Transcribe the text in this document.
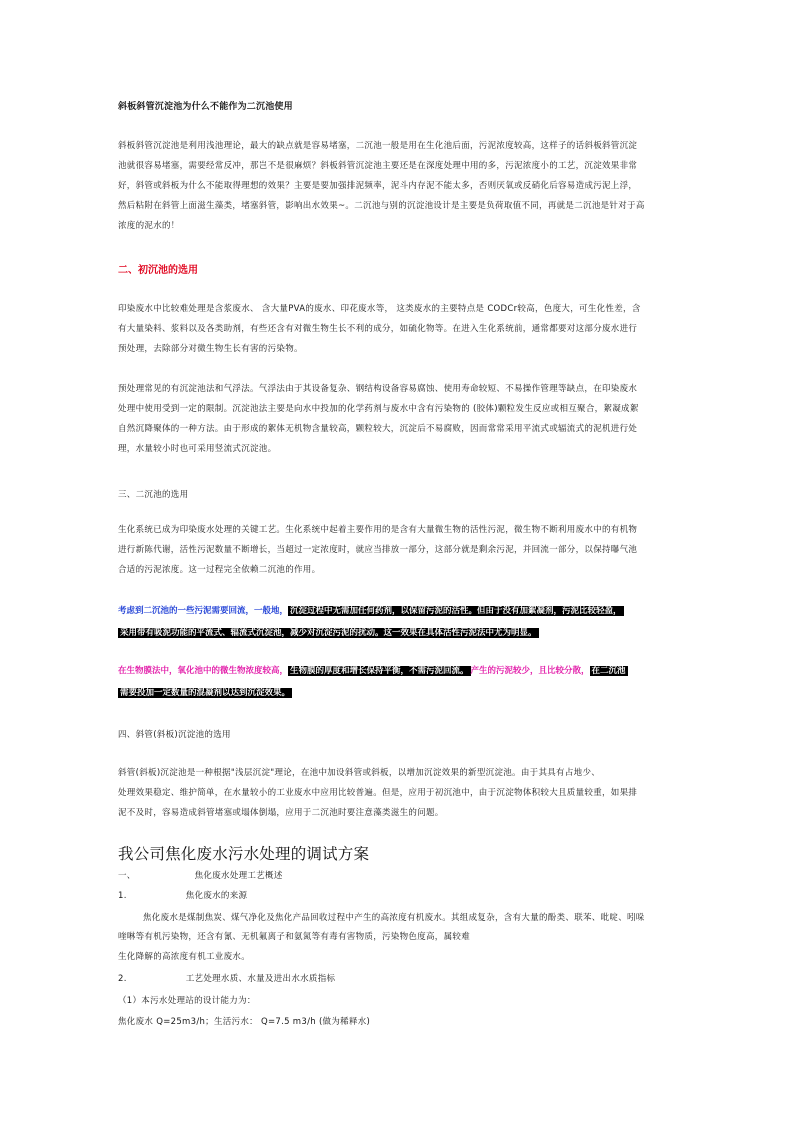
斜板斜管沉淀池为什么不能作为二沉池使用
斜板斜管沉淀池是利用浅池理论，最大的缺点就是容易堵塞，二沉池一般是用在生化池后面，污泥浓度较高，这样子的话斜板斜管沉淀
池就很容易堵塞，需要经常反冲，那岂不是很麻烦？斜板斜管沉淀池主要还是在深度处理中用的多，污泥浓度小的工艺，沉淀效果非常
好，斜管或斜板为什么不能取得理想的效果？主要是要加强排泥频率，泥斗内存泥不能太多，否则厌氧或反硝化后容易造成污泥上浮，
然后粘附在斜管上面滋生藻类，堵塞斜管，影响出水效果~。二沉池与别的沉淀池设计是主要是负荷取值不同，再就是二沉池是针对于高
浓度的泥水的！
二、初沉池的选用
印染废水中比较难处理是含浆废水、 含大量PVA的废水、印花废水等， 这类废水的主要特点是 CODCr较高，色度大，可生化性差，含
有大量染料、浆料以及各类助剂，有些还含有对微生物生长不利的成分，如硫化物等。在进入生化系统前，通常都要对这部分废水进行
预处理，去除部分对微生物生长有害的污染物。
预处理常见的有沉淀池法和气浮法。气浮法由于其设备复杂、钢结构设备容易腐蚀、使用寿命较短、不易操作管理等缺点，在印染废水
处理中使用受到一定的限制。沉淀池法主要是向水中投加的化学药剂与废水中含有污染物的 (胶体)颗粒发生反应或相互聚合，絮凝成絮
自然沉降聚体的一种方法。由于形成的絮体无机物含量较高，颗粒较大，沉淀后不易腐败，因而常常采用平流式或辐流式的泥机进行处
理，水量较小时也可采用竖流式沉淀池。
三、二沉池的选用
生化系统已成为印染废水处理的关键工艺。生化系统中起着主要作用的是含有大量微生物的活性污泥，微生物不断利用废水中的有机物
进行新陈代谢，活性污泥数量不断增长，当超过一定浓度时，就应当排放一部分，这部分就是剩余污泥，并回流一部分，以保持曝气池
合适的污泥浓度。这一过程完全依赖二沉池的作用。
考虑到二沉池的一些污泥需要回流，一般地， 沉淀过程中无需加任何药剂，以保留污泥的活性。但由于没有加絮凝剂，污泥比较轻盈，
采用带有吸泥功能的平流式、辐流式沉淀池，减少对沉淀污泥的扰动。这一效果在具体活性污泥法中尤为明显。
在生物膜法中，氧化池中的微生物浓度较高， 生物膜的厚度和增长保持平衡，不需污泥回流。 产生的污泥较少，且比较分散， 在二沉池
需要投加一定数量的混凝剂以达到沉淀效果。
四、斜管(斜板)沉淀池的选用
斜管(斜板)沉淀池是一种根据"浅层沉淀"理论，在池中加设斜管或斜板，以增加沉淀效果的新型沉淀池。由于其具有占地少、
处理效果稳定、维护简单，在水量较小的工业废水中应用比较普遍。但是，应用于初沉池中，由于沉淀物体积较大且质量较重，如果排
泥不及时，容易造成斜管堵塞或塌体倒塌，应用于二沉池时要注意藻类滋生的问题。
我公司焦化废水污水处理的调试方案
一、	焦化废水处理工艺概述
1.	焦化废水的来源
焦化废水是煤制焦炭、煤气净化及焦化产品回收过程中产生的高浓度有机废水。其组成复杂，含有大量的酚类、联苯、吡啶、吲哚
喹啉等有机污染物，还含有氰、无机氟离子和氨氮等有毒有害物质，污染物色度高，属较难
生化降解的高浓度有机工业废水。
2.	工艺处理水质、水量及进出水水质指标
（1）本污水处理站的设计能力为：
焦化废水 Q=25m3/h；生活污水： Q=7.5 m3/h (做为稀释水)
